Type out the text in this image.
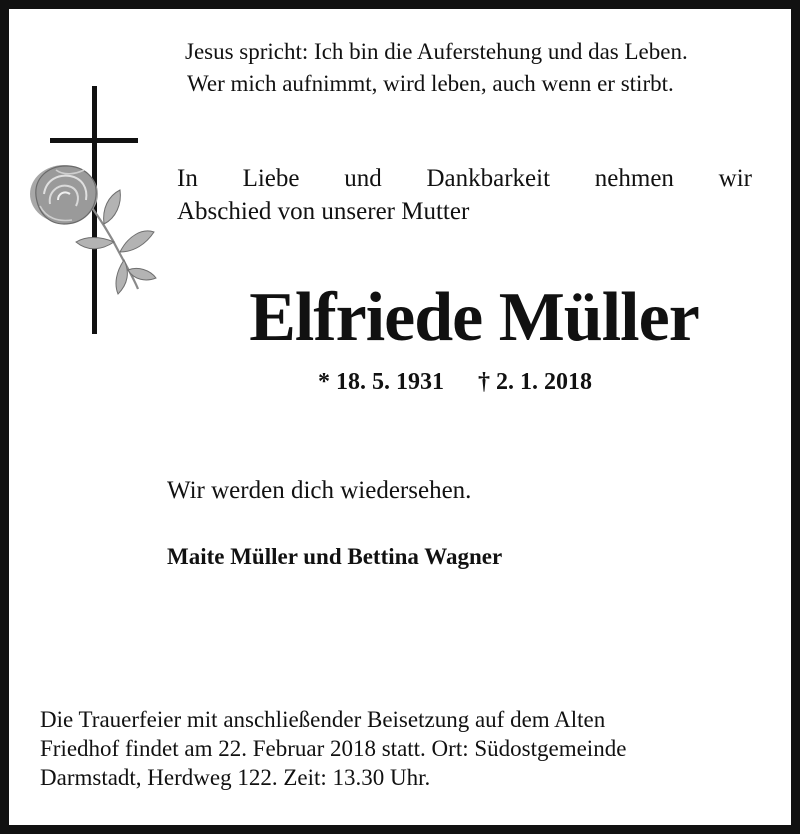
Jesus spricht: Ich bin die Auferstehung und das Leben.
Wer mich aufnimmt, wird leben, auch wenn er stirbt.
In Liebe und Dankbarkeit nehmen wir
Abschied von unserer Mutter
Elfriede Müller
* 18. 5. 1931 † 2. 1. 2018
Wir werden dich wiedersehen.
Maite Müller und Bettina Wagner
Die Trauerfeier mit anschließender Beisetzung auf dem Alten
Friedhof findet am 22. Februar 2018 statt. Ort: Südostgemeinde
Darmstadt, Herdweg 122. Zeit: 13.30 Uhr.
